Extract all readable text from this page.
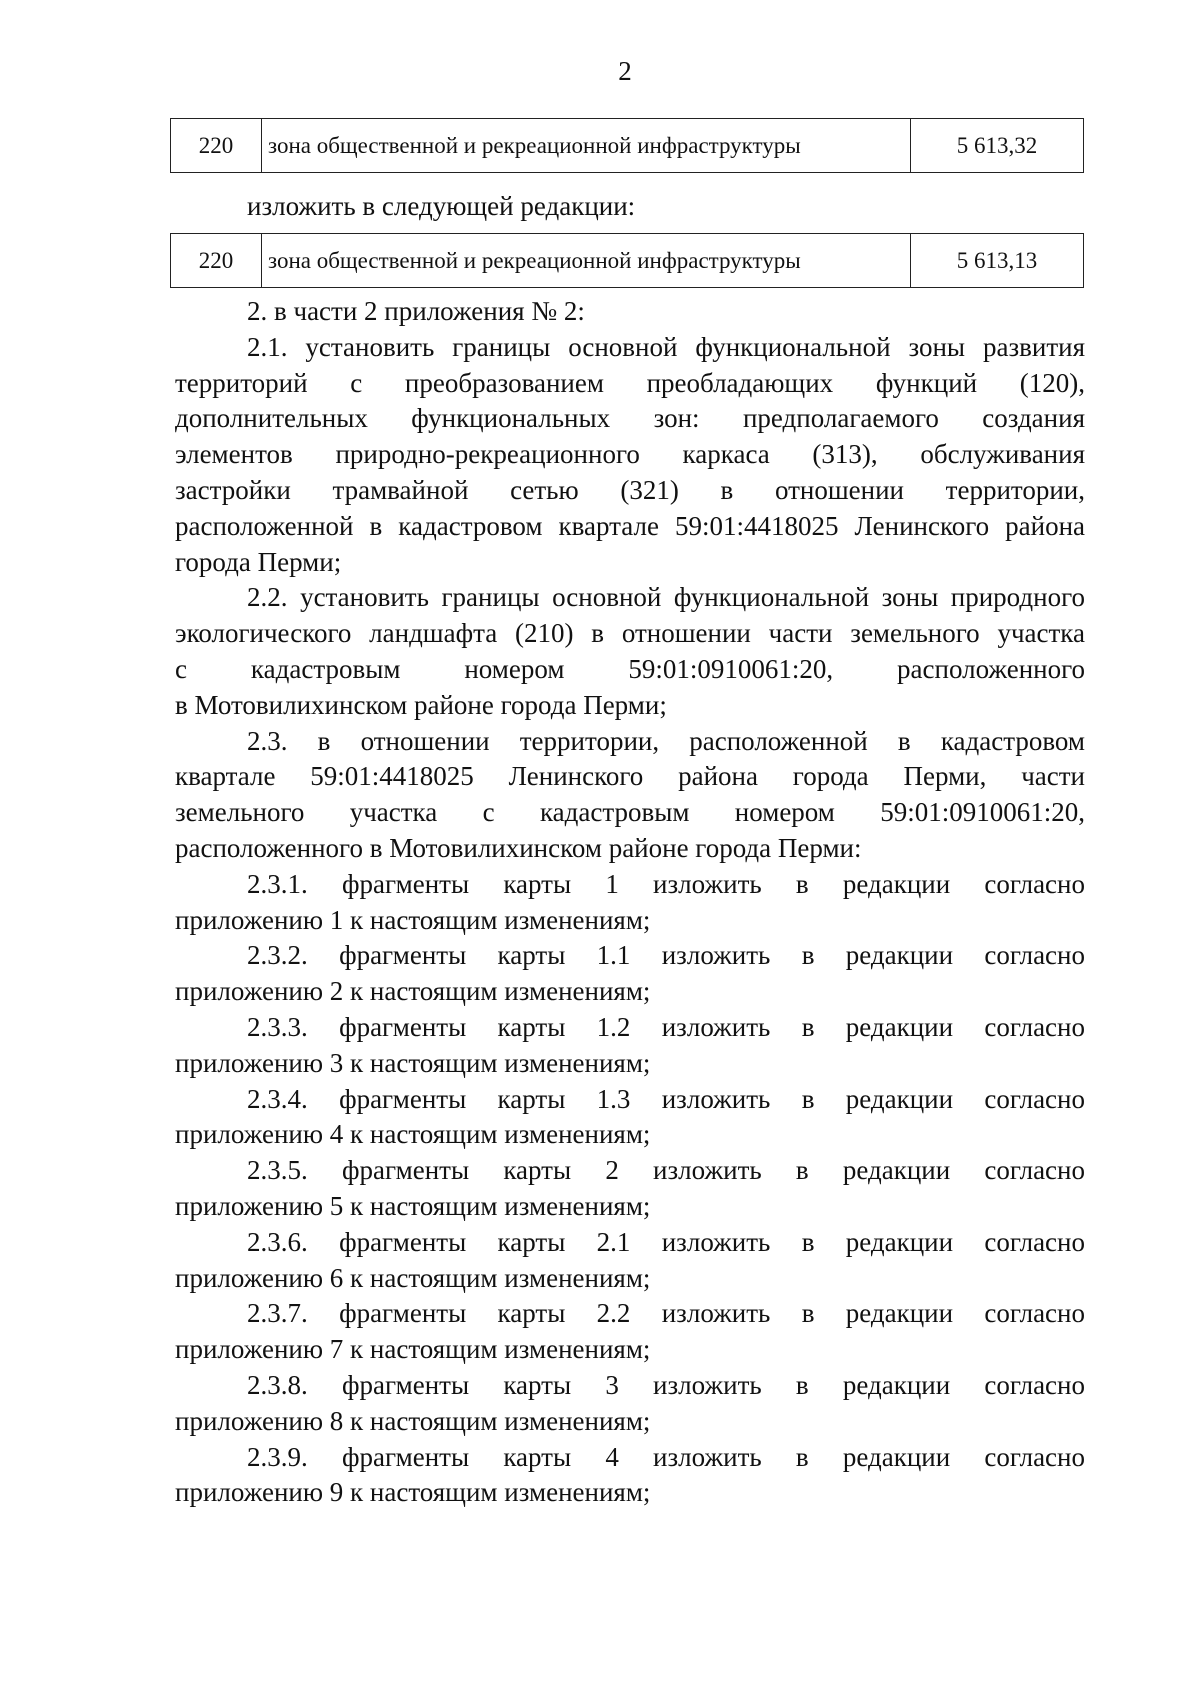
2
220	зона общественной и рекреационной инфраструктуры	5 613,32
изложить в следующей редакции:
220	зона общественной и рекреационной инфраструктуры	5 613,13
2. в части 2 приложения № 2:
2.1. установить границы основной функциональной зоны развития
территорий с преобразованием преобладающих функций (120),
дополнительных функциональных зон: предполагаемого создания
элементов природно-рекреационного каркаса (313), обслуживания
застройки трамвайной сетью (321) в отношении территории,
расположенной в кадастровом квартале 59:01:4418025 Ленинского района
города Перми;
2.2. установить границы основной функциональной зоны природного
экологического ландшафта (210) в отношении части земельного участка
с кадастровым номером 59:01:0910061:20, расположенного
в Мотовилихинском районе города Перми;
2.3. в отношении территории, расположенной в кадастровом
квартале 59:01:4418025 Ленинского района города Перми, части
земельного участка с кадастровым номером 59:01:0910061:20,
расположенного в Мотовилихинском районе города Перми:
2.3.1. фрагменты карты 1 изложить в редакции согласно
приложению 1 к настоящим изменениям;
2.3.2. фрагменты карты 1.1 изложить в редакции согласно
приложению 2 к настоящим изменениям;
2.3.3. фрагменты карты 1.2 изложить в редакции согласно
приложению 3 к настоящим изменениям;
2.3.4. фрагменты карты 1.3 изложить в редакции согласно
приложению 4 к настоящим изменениям;
2.3.5. фрагменты карты 2 изложить в редакции согласно
приложению 5 к настоящим изменениям;
2.3.6. фрагменты карты 2.1 изложить в редакции согласно
приложению 6 к настоящим изменениям;
2.3.7. фрагменты карты 2.2 изложить в редакции согласно
приложению 7 к настоящим изменениям;
2.3.8. фрагменты карты 3 изложить в редакции согласно
приложению 8 к настоящим изменениям;
2.3.9. фрагменты карты 4 изложить в редакции согласно
приложению 9 к настоящим изменениям;
